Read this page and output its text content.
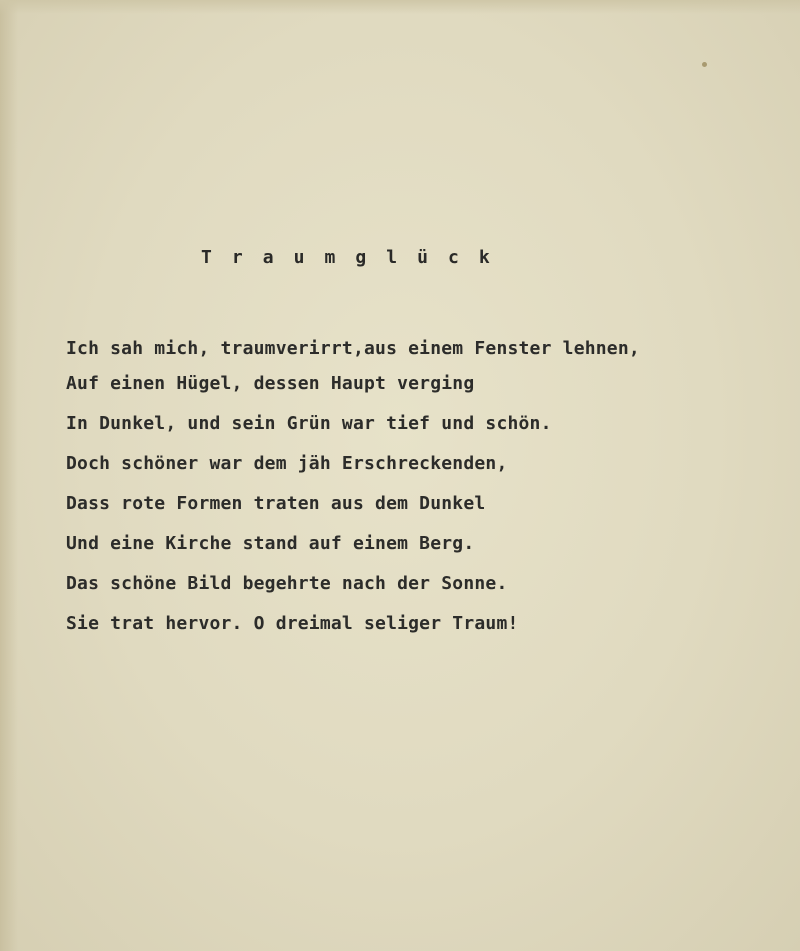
T r a u m g l ü c k

Ich sah mich, traumverirrt,aus einem Fenster lehnen,

Auf einen Hügel, dessen Haupt verging

In Dunkel, und sein Grün war tief und schön.

Doch schöner war dem jäh Erschreckenden,

Dass rote Formen traten aus dem Dunkel

Und eine Kirche stand auf einem Berg.

Das schöne Bild begehrte nach der Sonne.

Sie trat hervor. O dreimal seliger Traum!
